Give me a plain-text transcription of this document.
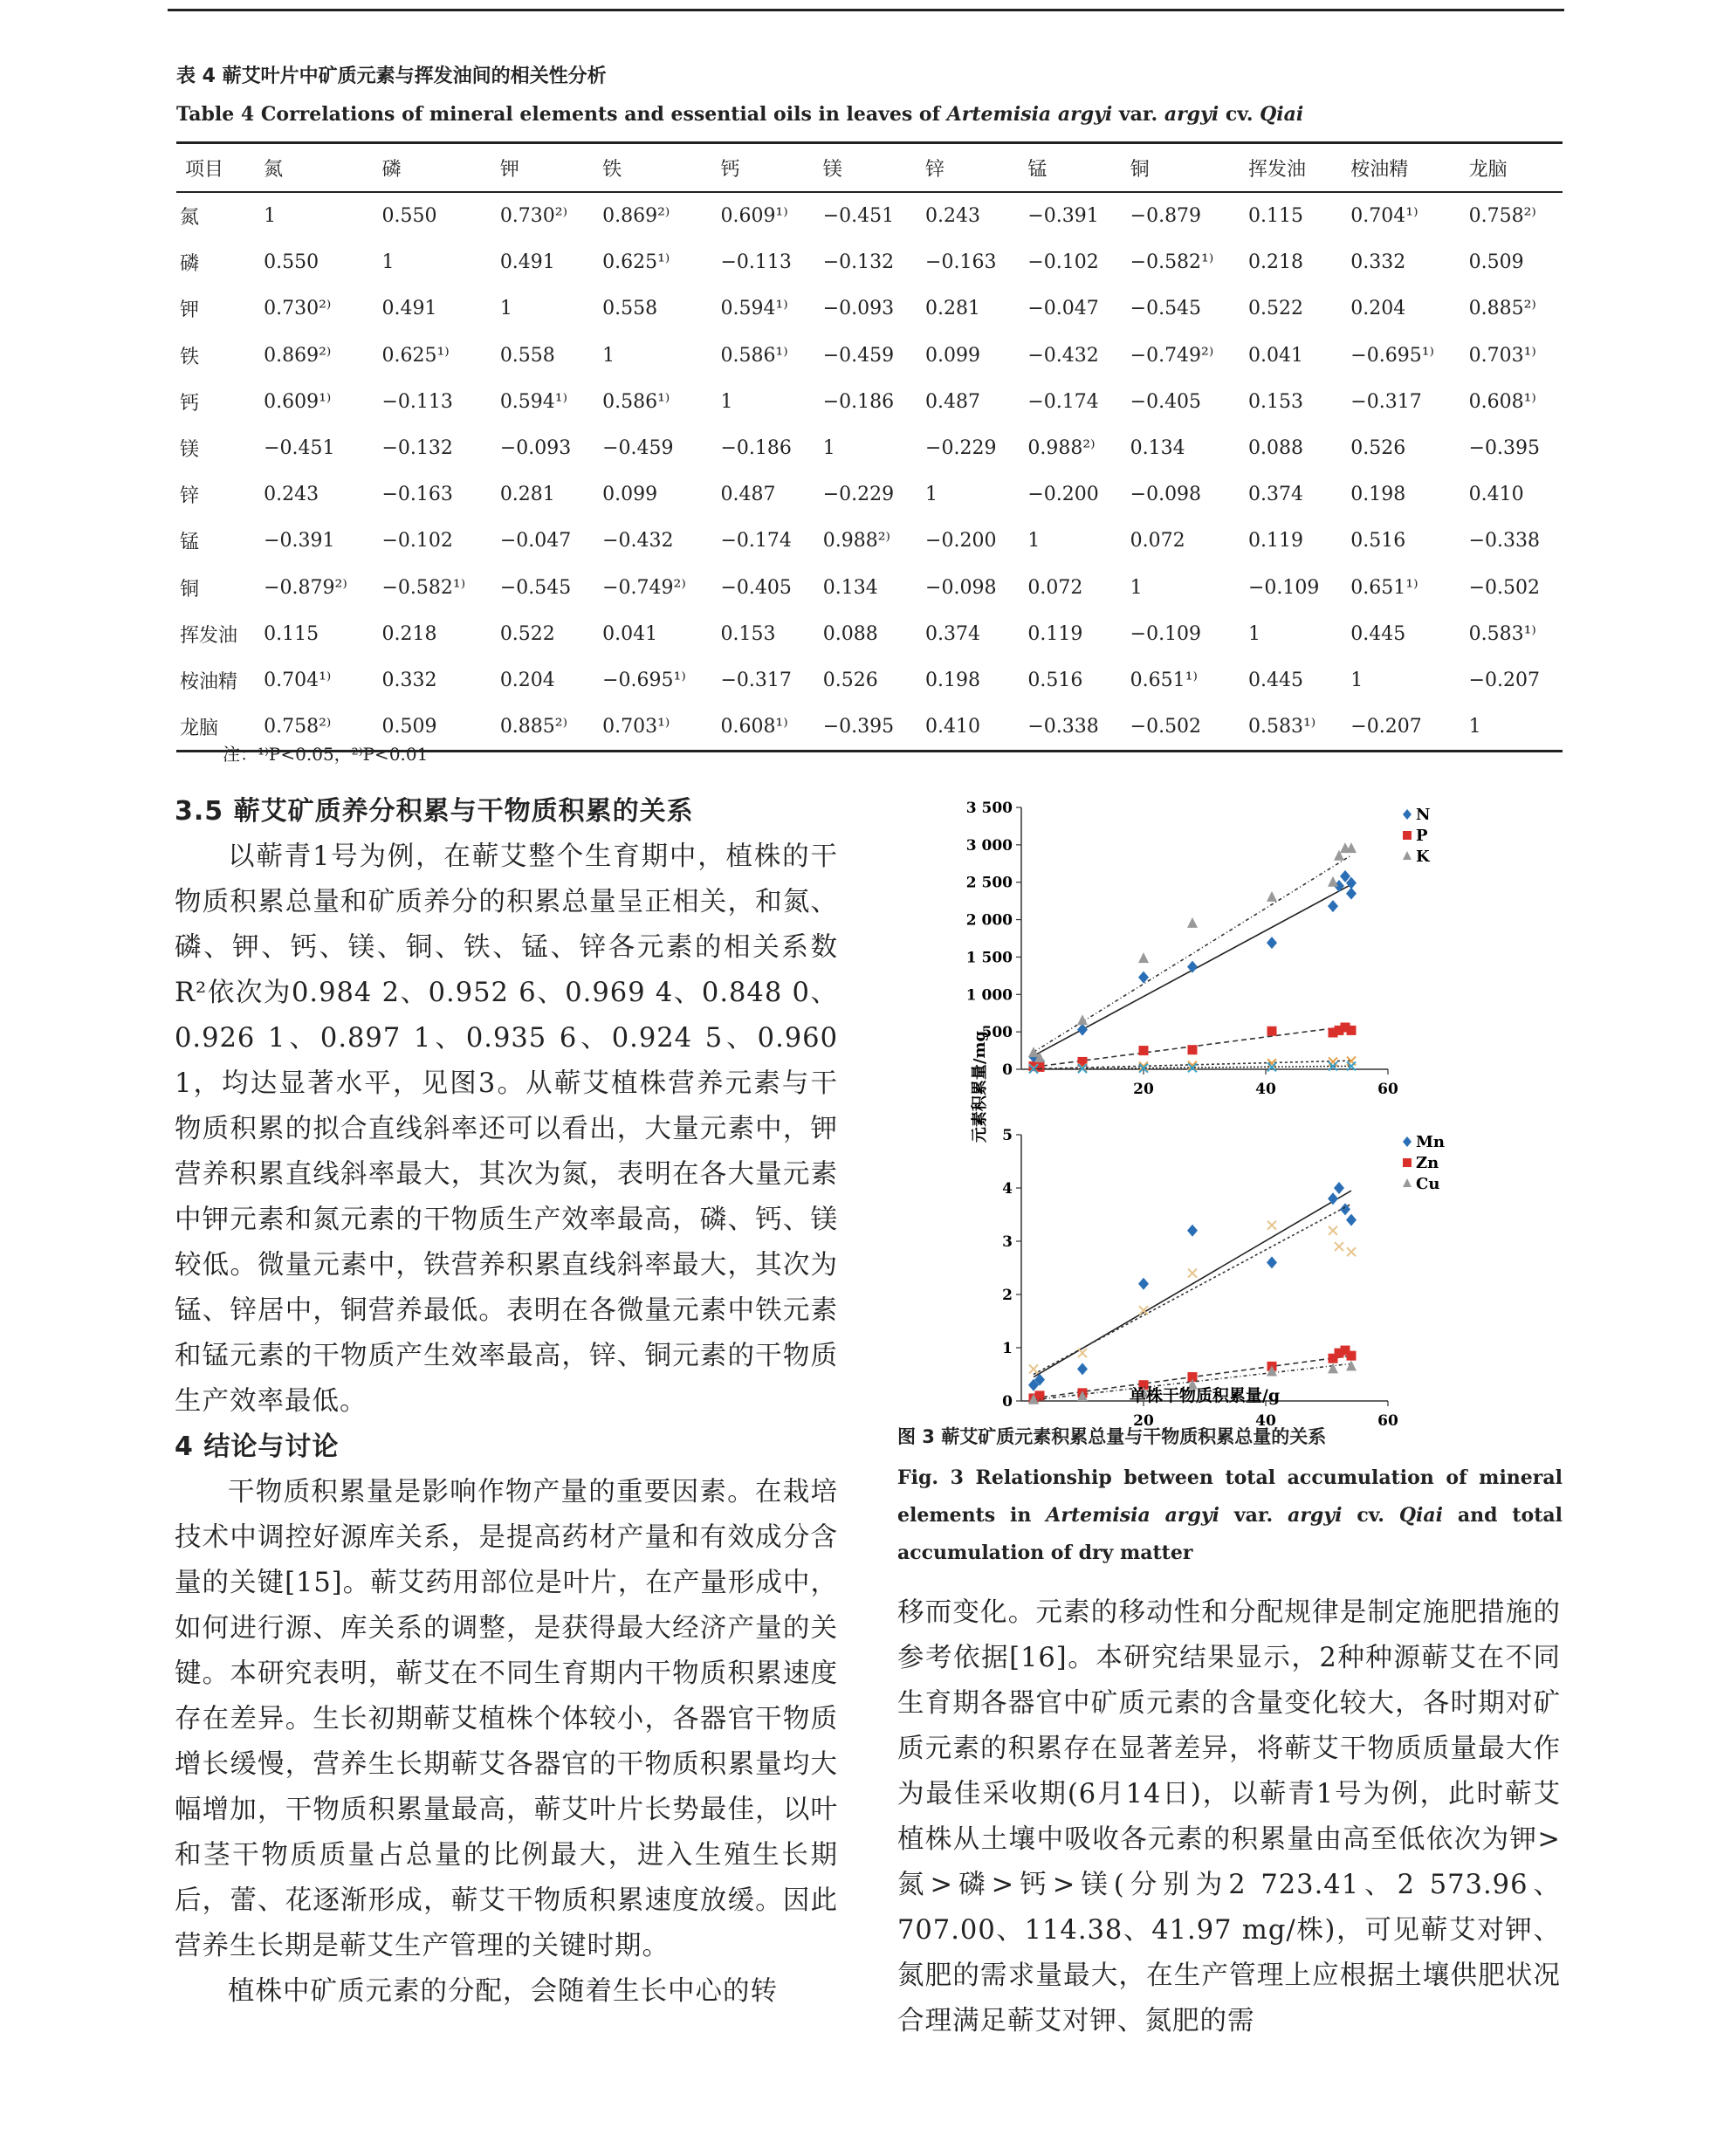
表 4 蕲艾叶片中矿质元素与挥发油间的相关性分析
Table 4 Correlations of mineral elements and essential oils in leaves of Artemisia argyi var. argyi cv. Qiai
项目	氮	磷	钾	铁	钙	镁	锌	锰	铜	挥发油	桉油精	龙脑
氮	1	0.550	0.730²⁾	0.869²⁾	0.609¹⁾	−0.451	0.243	−0.391	−0.879	0.115	0.704¹⁾	0.758²⁾
磷	0.550	1	0.491	0.625¹⁾	−0.113	−0.132	−0.163	−0.102	−0.582¹⁾	0.218	0.332	0.509
钾	0.730²⁾	0.491	1	0.558	0.594¹⁾	−0.093	0.281	−0.047	−0.545	0.522	0.204	0.885²⁾
铁	0.869²⁾	0.625¹⁾	0.558	1	0.586¹⁾	−0.459	0.099	−0.432	−0.749²⁾	0.041	−0.695¹⁾	0.703¹⁾
钙	0.609¹⁾	−0.113	0.594¹⁾	0.586¹⁾	1	−0.186	0.487	−0.174	−0.405	0.153	−0.317	0.608¹⁾
镁	−0.451	−0.132	−0.093	−0.459	−0.186	1	−0.229	0.988²⁾	0.134	0.088	0.526	−0.395
锌	0.243	−0.163	0.281	0.099	0.487	−0.229	1	−0.200	−0.098	0.374	0.198	0.410
锰	−0.391	−0.102	−0.047	−0.432	−0.174	0.988²⁾	−0.200	1	0.072	0.119	0.516	−0.338
铜	−0.879²⁾	−0.582¹⁾	−0.545	−0.749²⁾	−0.405	0.134	−0.098	0.072	1	−0.109	0.651¹⁾	−0.502
挥发油	0.115	0.218	0.522	0.041	0.153	0.088	0.374	0.119	−0.109	1	0.445	0.583¹⁾
桉油精	0.704¹⁾	0.332	0.204	−0.695¹⁾	−0.317	0.526	0.198	0.516	0.651¹⁾	0.445	1	−0.207
龙脑	0.758²⁾	0.509	0.885²⁾	0.703¹⁾	0.608¹⁾	−0.395	0.410	−0.338	−0.502	0.583¹⁾	−0.207	1
注：¹⁾P<0.05，²⁾P<0.01

3.5 蕲艾矿质养分积累与干物质积累的关系

以蕲青1号为例，在蕲艾整个生育期中，植株的干物质积累总量和矿质养分的积累总量呈正相关，和氮、磷、钾、钙、镁、铜、铁、锰、锌各元素的相关系数R²依次为0.984 2、0.952 6、0.969 4、0.848 0、0.926 1、0.897 1、0.935 6、0.924 5、0.960 1，均达显著水平，见图3。从蕲艾植株营养元素与干物质积累的拟合直线斜率还可以看出，大量元素中，钾营养积累直线斜率最大，其次为氮，表明在各大量元素中钾元素和氮元素的干物质生产效率最高，磷、钙、镁较低。微量元素中，铁营养积累直线斜率最大，其次为锰、锌居中，铜营养最低。表明在各微量元素中铁元素和锰元素的干物质产生效率最高，锌、铜元素的干物质生产效率最低。

4 结论与讨论

干物质积累量是影响作物产量的重要因素。在栽培技术中调控好源库关系，是提高药材产量和有效成分含量的关键[15]。蕲艾药用部位是叶片，在产量形成中，如何进行源、库关系的调整，是获得最大经济产量的关键。本研究表明，蕲艾在不同生育期内干物质积累速度存在差异。生长初期蕲艾植株个体较小，各器官干物质增长缓慢，营养生长期蕲艾各器官的干物质积累量均大幅增加，干物质积累量最高，蕲艾叶片长势最佳，以叶和茎干物质质量占总量的比例最大，进入生殖生长期后，蕾、花逐渐形成，蕲艾干物质积累速度放缓。因此营养生长期是蕲艾生产管理的关键时期。

植株中矿质元素的分配，会随着生长中心的转

0
500
1 000
1 500
2 000
2 500
3 000
3 500
20	40	60
N
P
K
0
1
2
3
4
5
20	40	60
Mn
Zn
Cu
元素积累量/mg
单株干物质积累量/g
图 3 蕲艾矿质元素积累总量与干物质积累总量的关系
Fig. 3 Relationship between total accumulation of mineral elements in Artemisia argyi var. argyi cv. Qiai and total accumulation of dry matter

移而变化。元素的移动性和分配规律是制定施肥措施的参考依据[16]。本研究结果显示，2种种源蕲艾在不同生育期各器官中矿质元素的含量变化较大，各时期对矿质元素的积累存在显著差异，将蕲艾干物质质量最大作为最佳采收期(6月14日)，以蕲青1号为例，此时蕲艾植株从土壤中吸收各元素的积累量由高至低依次为钾>氮>磷>钙>镁(分别为2 723.41、2 573.96、707.00、114.38、41.97 mg/株)，可见蕲艾对钾、氮肥的需求量最大，在生产管理上应根据土壤供肥状况合理满足蕲艾对钾、氮肥的需
